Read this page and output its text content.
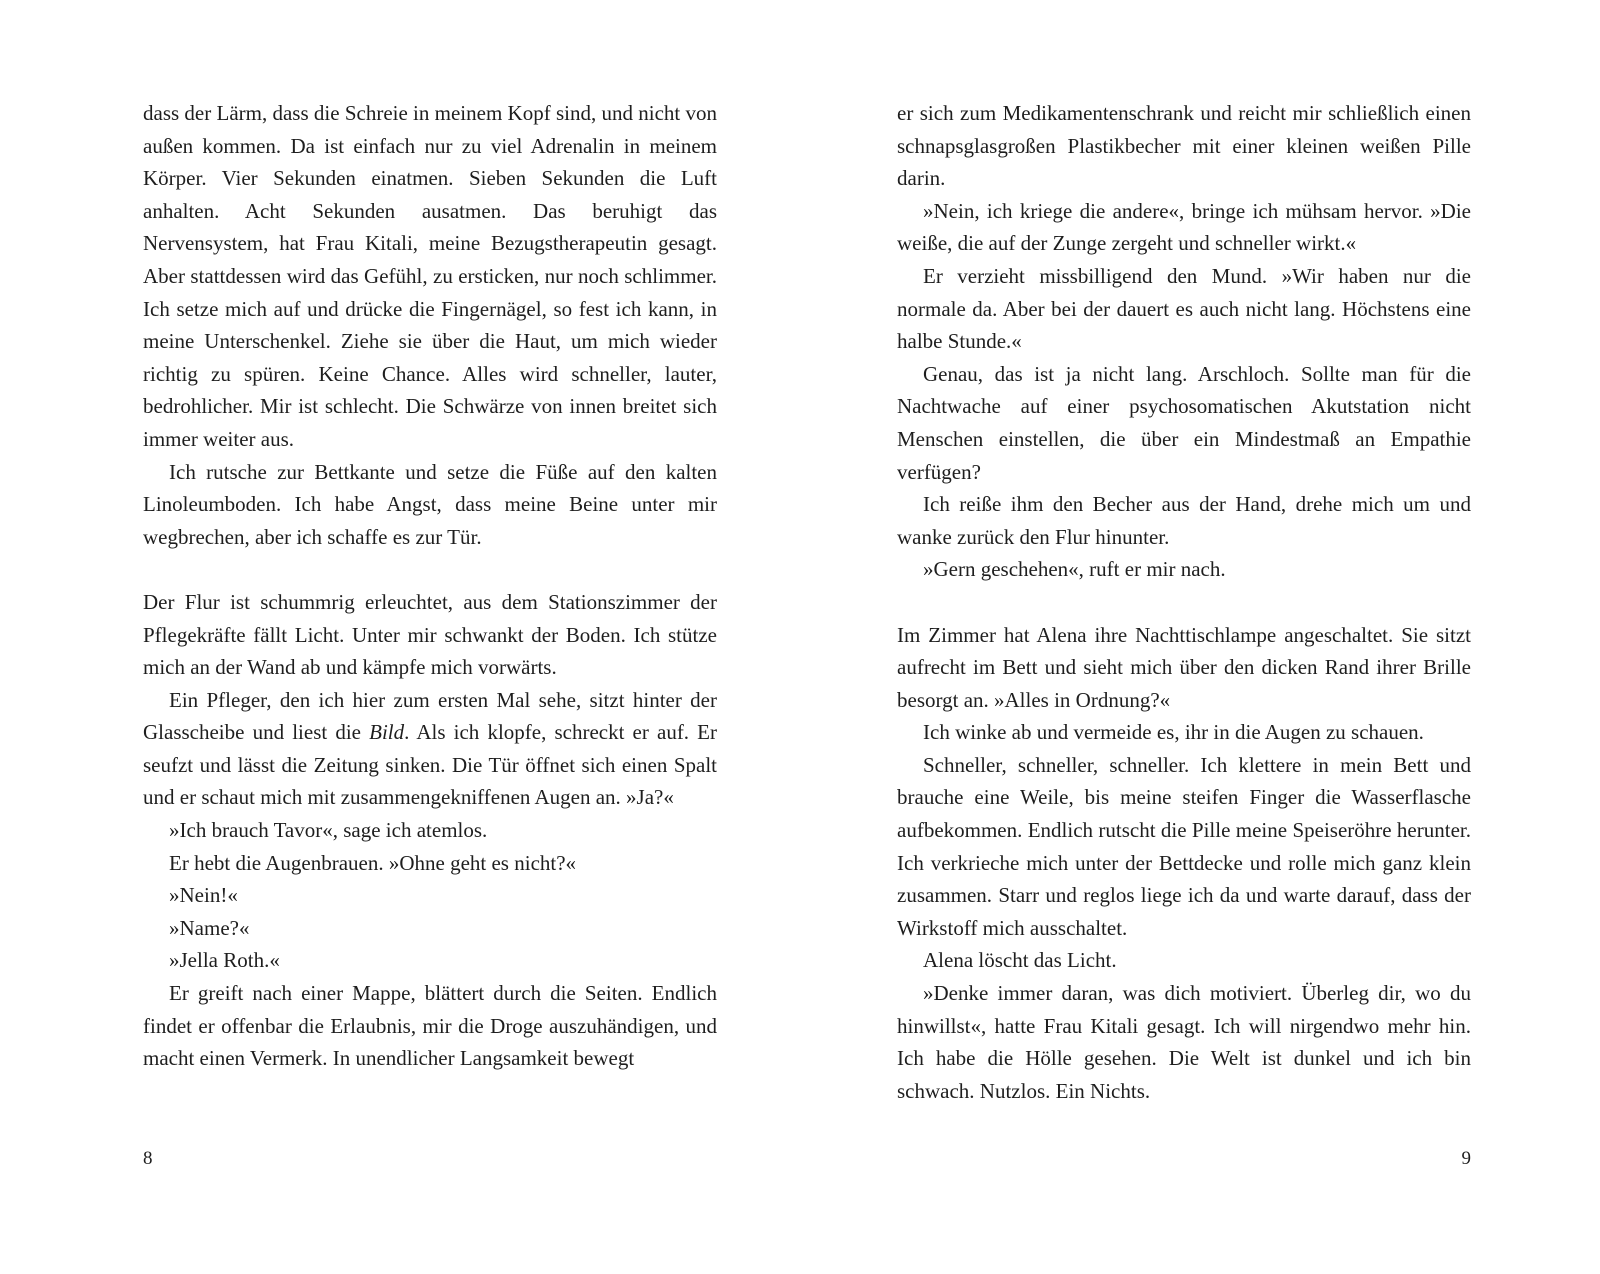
dass der Lärm, dass die Schreie in meinem Kopf sind, und nicht von außen kommen. Da ist einfach nur zu viel Adrenalin in meinem Körper. Vier Sekunden einatmen. Sieben Sekunden die Luft anhalten. Acht Sekunden ausatmen. Das beruhigt das Nervensystem, hat Frau Kitali, meine Bezugstherapeutin gesagt. Aber stattdessen wird das Gefühl, zu ersticken, nur noch schlimmer. Ich setze mich auf und drücke die Fingernägel, so fest ich kann, in meine Unterschenkel. Ziehe sie über die Haut, um mich wieder richtig zu spüren. Keine Chance. Alles wird schneller, lauter, bedrohlicher. Mir ist schlecht. Die Schwärze von innen breitet sich immer weiter aus.

Ich rutsche zur Bettkante und setze die Füße auf den kalten Linoleumboden. Ich habe Angst, dass meine Beine unter mir wegbrechen, aber ich schaffe es zur Tür.

Der Flur ist schummrig erleuchtet, aus dem Stationszimmer der Pflegekräfte fällt Licht. Unter mir schwankt der Boden. Ich stütze mich an der Wand ab und kämpfe mich vorwärts.

Ein Pfleger, den ich hier zum ersten Mal sehe, sitzt hinter der Glasscheibe und liest die Bild. Als ich klopfe, schreckt er auf. Er seufzt und lässt die Zeitung sinken. Die Tür öffnet sich einen Spalt und er schaut mich mit zusammengekniffenen Augen an. »Ja?«

»Ich brauch Tavor«, sage ich atemlos.

Er hebt die Augenbrauen. »Ohne geht es nicht?«

»Nein!«

»Name?«

»Jella Roth.«

Er greift nach einer Mappe, blättert durch die Seiten. Endlich findet er offenbar die Erlaubnis, mir die Droge auszuhändigen, und macht einen Vermerk. In unendlicher Langsamkeit bewegt

8

er sich zum Medikamentenschrank und reicht mir schließlich einen schnapsglasgroßen Plastikbecher mit einer kleinen weißen Pille darin.

»Nein, ich kriege die andere«, bringe ich mühsam hervor. »Die weiße, die auf der Zunge zergeht und schneller wirkt.«

Er verzieht missbilligend den Mund. »Wir haben nur die normale da. Aber bei der dauert es auch nicht lang. Höchstens eine halbe Stunde.«

Genau, das ist ja nicht lang. Arschloch. Sollte man für die Nachtwache auf einer psychosomatischen Akutstation nicht Menschen einstellen, die über ein Mindestmaß an Empathie verfügen?

Ich reiße ihm den Becher aus der Hand, drehe mich um und wanke zurück den Flur hinunter.

»Gern geschehen«, ruft er mir nach.

Im Zimmer hat Alena ihre Nachttischlampe angeschaltet. Sie sitzt aufrecht im Bett und sieht mich über den dicken Rand ihrer Brille besorgt an. »Alles in Ordnung?«

Ich winke ab und vermeide es, ihr in die Augen zu schauen.

Schneller, schneller, schneller. Ich klettere in mein Bett und brauche eine Weile, bis meine steifen Finger die Wasserflasche aufbekommen. Endlich rutscht die Pille meine Speiseröhre herunter. Ich verkrieche mich unter der Bettdecke und rolle mich ganz klein zusammen. Starr und reglos liege ich da und warte darauf, dass der Wirkstoff mich ausschaltet.

Alena löscht das Licht.

»Denke immer daran, was dich motiviert. Überleg dir, wo du hinwillst«, hatte Frau Kitali gesagt. Ich will nirgendwo mehr hin. Ich habe die Hölle gesehen. Die Welt ist dunkel und ich bin schwach. Nutzlos. Ein Nichts.

9
